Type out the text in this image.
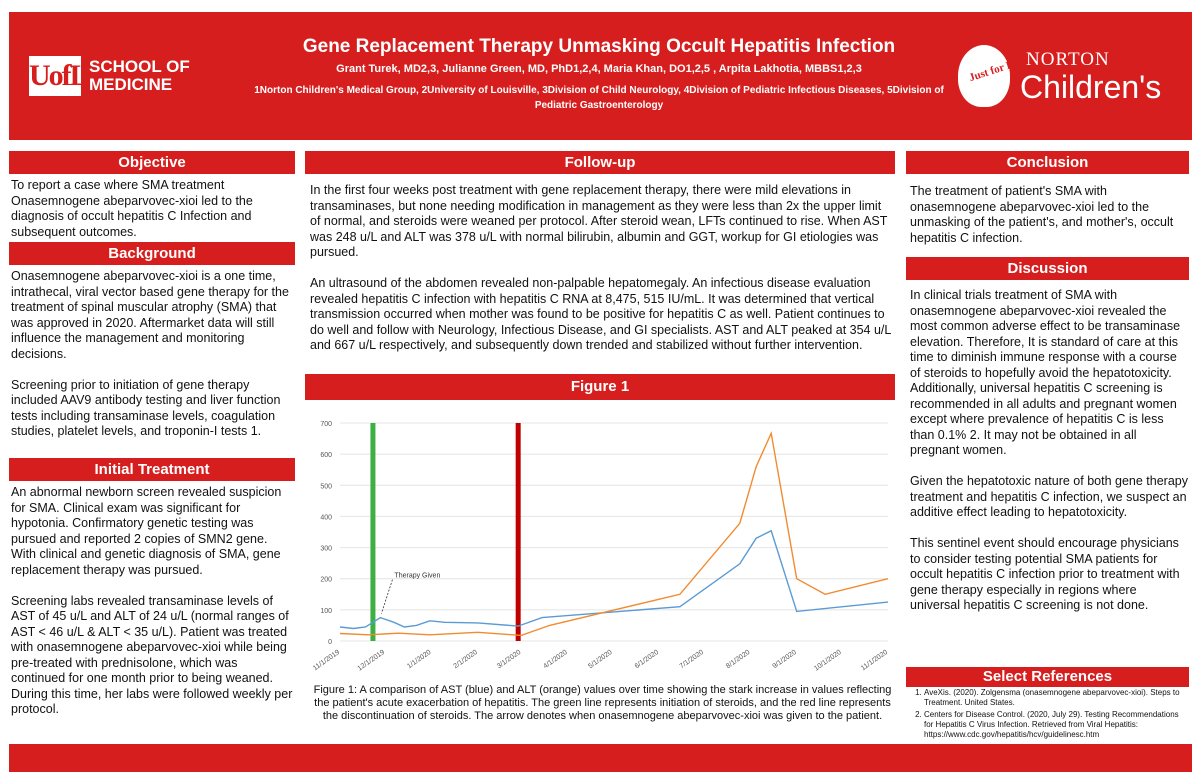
UofL SCHOOL OF
MEDICINE
Gene Replacement Therapy Unmasking Occult Hepatitis Infection
Grant Turek, MD2,3, Julianne Green, MD, PhD1,2,4, Maria Khan, DO1,2,5 , Arpita Lakhotia, MBBS1,2,3
1Norton Children's Medical Group, 2University of Louisville, 3Division of Child Neurology, 4Division of Pediatric Infectious Diseases, 5Division of Pediatric Gastroenterology
Just for Kids
NORTON
Children's
Objective

To report a case where SMA treatment Onasemnogene abeparvovec-xioi led to the diagnosis of occult hepatitis C Infection and subsequent outcomes.

Background

Onasemnogene abeparvovec-xioi is a one time, intrathecal, viral vector based gene therapy for the treatment of spinal muscular atrophy (SMA) that was approved in 2020. Aftermarket data will still influence the management and monitoring decisions.

Screening prior to initiation of gene therapy included AAV9 antibody testing and liver function tests including transaminase levels, coagulation studies, platelet levels, and troponin-I tests 1.

Initial Treatment

An abnormal newborn screen revealed suspicion for SMA. Clinical exam was significant for hypotonia. Confirmatory genetic testing was pursued and reported 2 copies of SMN2 gene. With clinical and genetic diagnosis of SMA, gene replacement therapy was pursued.

Screening labs revealed transaminase levels of AST of 45 u/L and ALT of 24 u/L (normal ranges of AST < 46 u/L & ALT < 35 u/L). Patient was treated with onasemnogene abeparvovec-xioi while being pre-treated with prednisolone, which was continued for one month prior to being weaned. During this time, her labs were followed weekly per protocol.

Follow-up

In the first four weeks post treatment with gene replacement therapy, there were mild elevations in transaminases, but none needing modification in management as they were less than 2x the upper limit of normal, and steroids were weaned per protocol. After steroid wean, LFTs continued to rise. When AST was 248 u/L and ALT was 378 u/L with normal bilirubin, albumin and GGT, workup for GI etiologies was pursued.

An ultrasound of the abdomen revealed non-palpable hepatomegaly. An infectious disease evaluation revealed hepatitis C infection with hepatitis C RNA at 8,475, 515 IU/mL. It was determined that vertical transmission occurred when mother was found to be positive for hepatitis C as well. Patient continues to do well and follow with Neurology, Infectious Disease, and GI specialists. AST and ALT peaked at 354 u/L and 667 u/L respectively, and subsequently down trended and stabilized without further intervention.

Figure 1
0
100
200
300
400
500
600
700
11/1/2019 12/1/2019	1/1/2020	2/1/2020 3/1/2020	4/1/2020	5/1/2020	6/1/2020	7/1/2020	8/1/2020	9/1/2020 10/1/2020 11/1/2020
Therapy Given
Figure 1: A comparison of AST (blue) and ALT (orange) values over time showing the stark increase in values reflecting the patient's acute exacerbation of hepatitis. The green line represents initiation of steroids, and the red line represents the discontinuation of steroids. The arrow denotes when onasemnogene abeparvovec-xioi was given to the patient.
Conclusion

The treatment of patient's SMA with onasemnogene abeparvovec-xioi led to the unmasking of the patient's, and mother's, occult hepatitis C infection.

Discussion

In clinical trials treatment of SMA with onasemnogene abeparvovec-xioi revealed the most common adverse effect to be transaminase elevation. Therefore, It is standard of care at this time to diminish immune response with a course of steroids to hopefully avoid the hepatotoxicity. Additionally, universal hepatitis C screening is recommended in all adults and pregnant women except where prevalence of hepatitis C is less than 0.1% 2. It may not be obtained in all pregnant women.

Given the hepatotoxic nature of both gene therapy treatment and hepatitis C infection, we suspect an additive effect leading to hepatotoxicity.

This sentinel event should encourage physicians to consider testing potential SMA patients for occult hepatitis C infection prior to treatment with gene therapy especially in regions where universal hepatitis C screening is not done.

Select References
1. AveXis. (2020). Zolgensma (onasemnogene abeparvovec-xioi). Steps to Treatment. United States.
2. Centers for Disease Control. (2020, July 29). Testing Recommendations for Hepatitis C Virus Infection. Retrieved from Viral Hepatitis: https://www.cdc.gov/hepatitis/hcv/guidelinesc.htm
